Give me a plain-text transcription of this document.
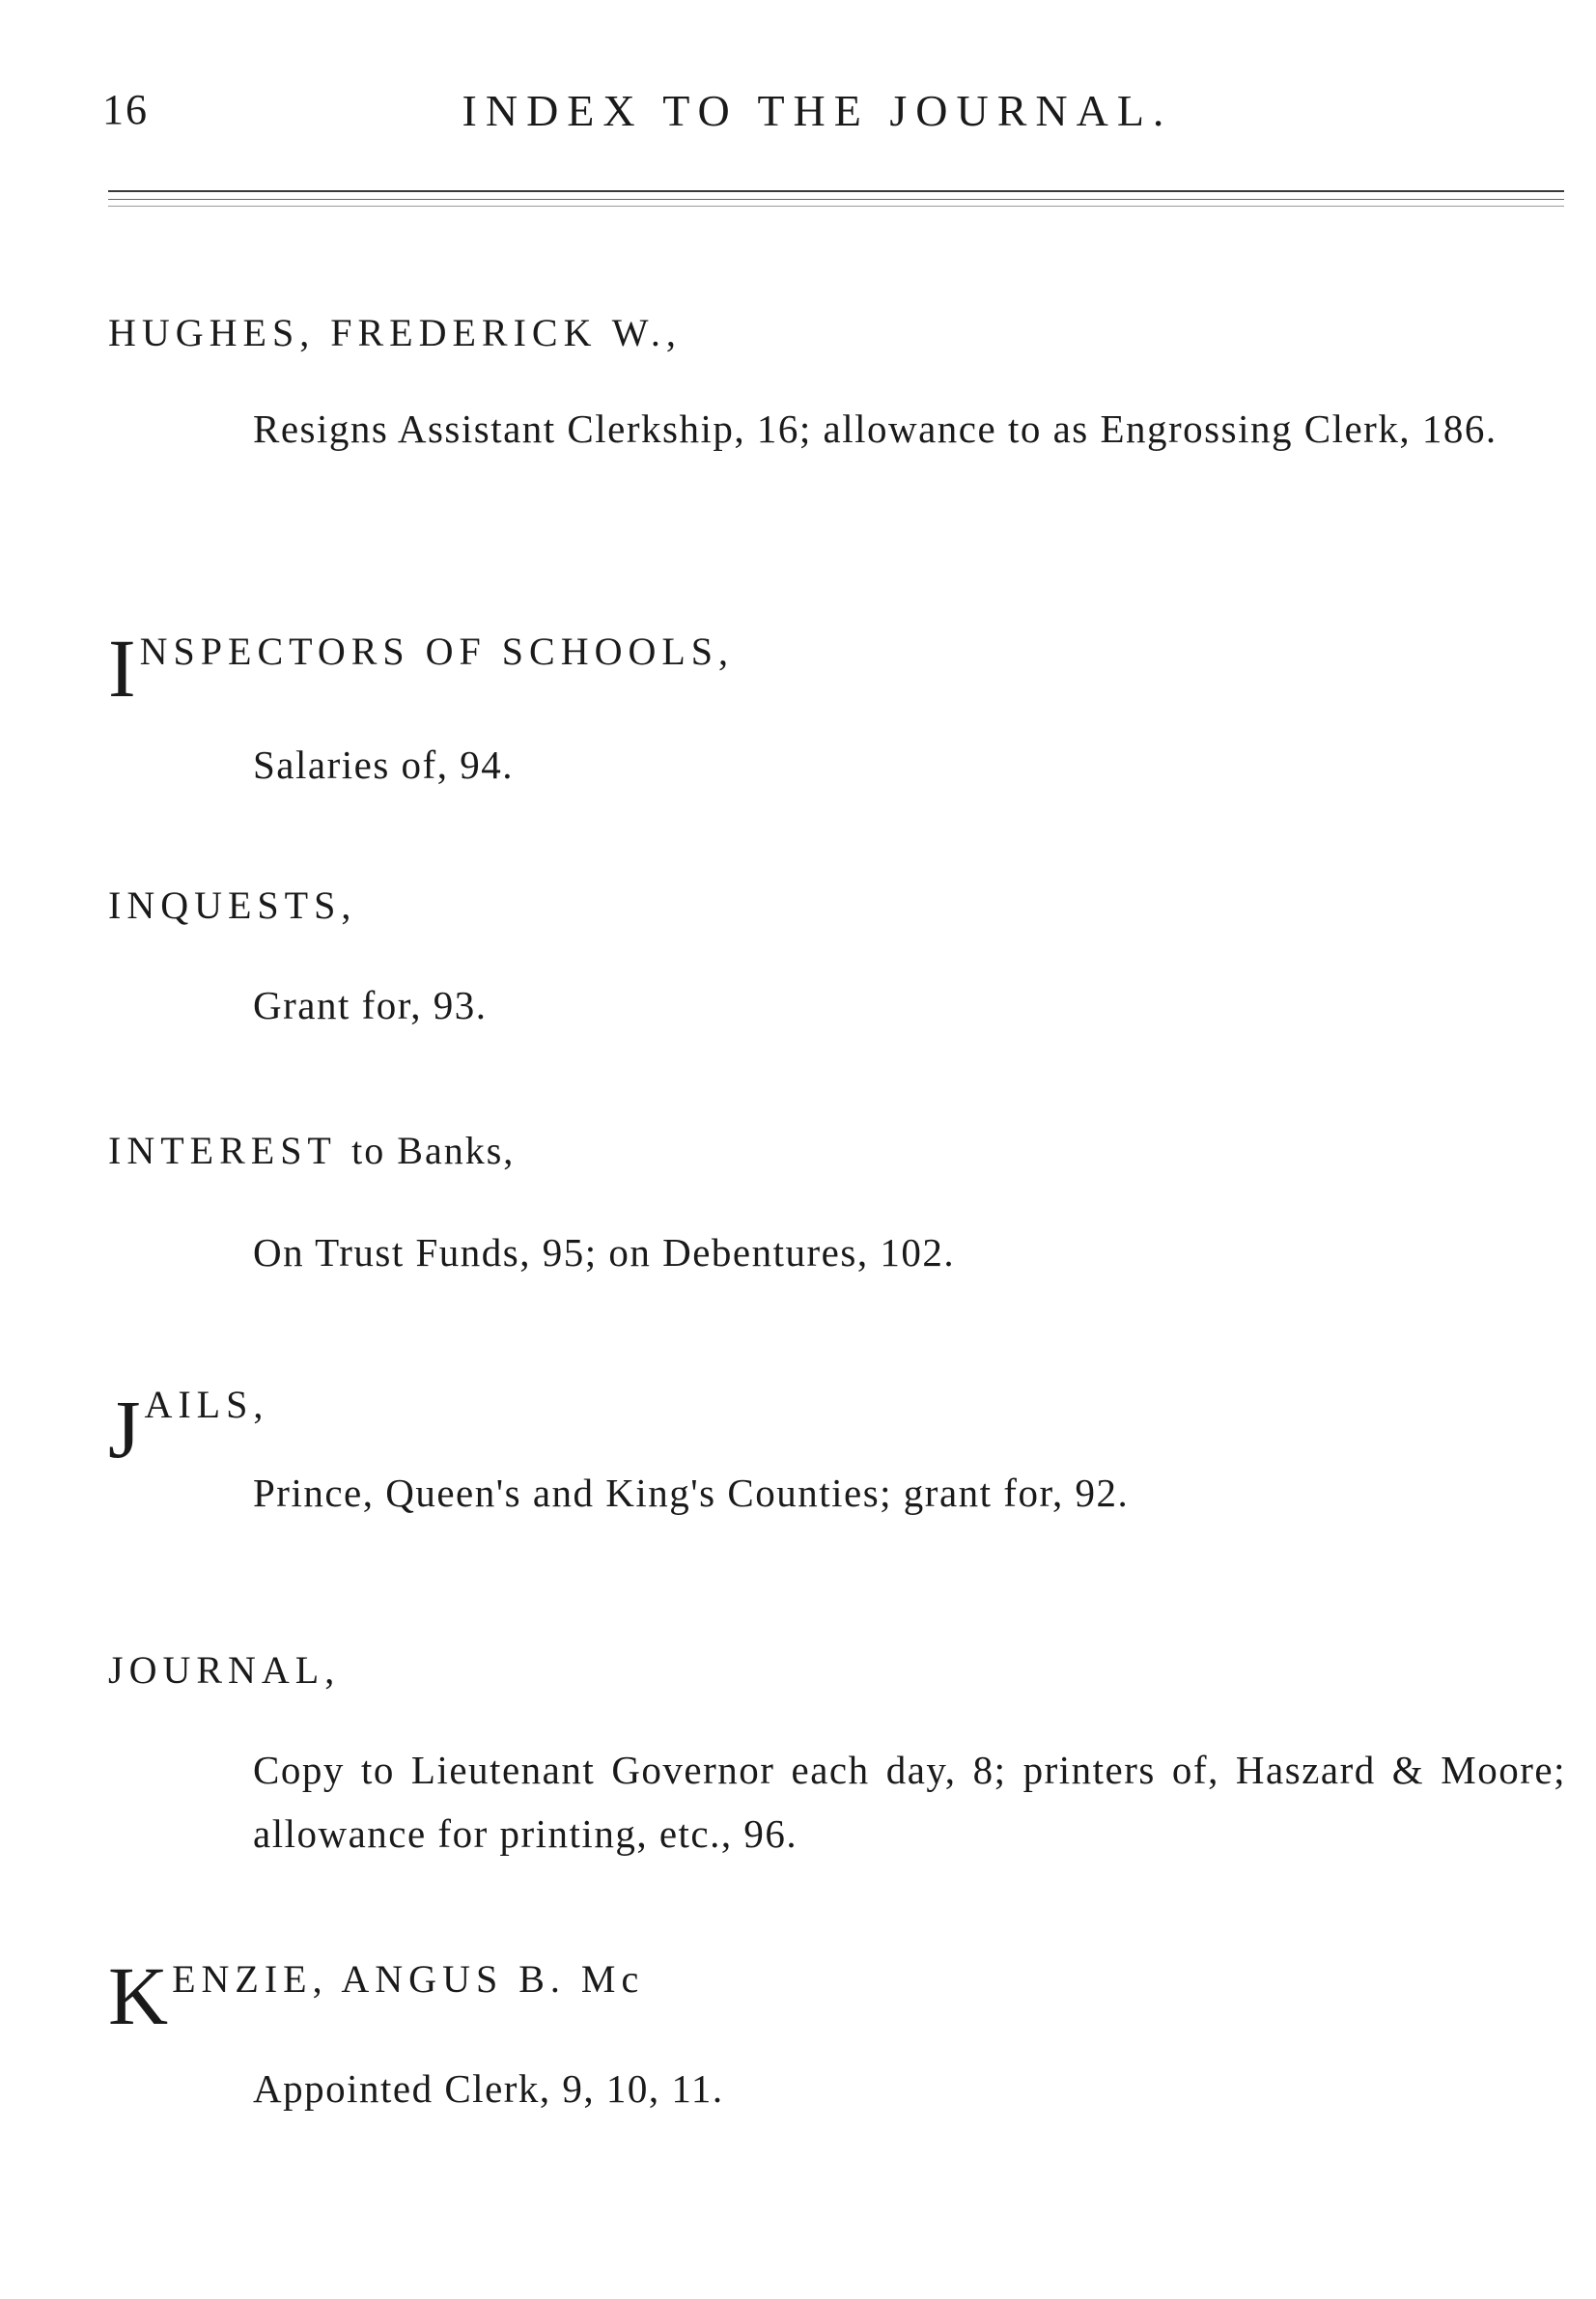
16	INDEX TO THE JOURNAL.
HUGHES, FREDERICK W.,
Resigns Assistant Clerkship, 16; allowance to as Engrossing Clerk, 186.
INSPECTORS OF SCHOOLS,
Salaries of, 94.
INQUESTS,
Grant for, 93.
INTEREST to Banks,
On Trust Funds, 95; on Debentures, 102.
JAILS,
Prince, Queen's and King's Counties; grant for, 92.
JOURNAL,
Copy to Lieutenant Governor each day, 8; printers of, Haszard & Moore; allowance for printing, etc., 96.
KENZIE, ANGUS B. Mc
Appointed Clerk, 9, 10, 11.
